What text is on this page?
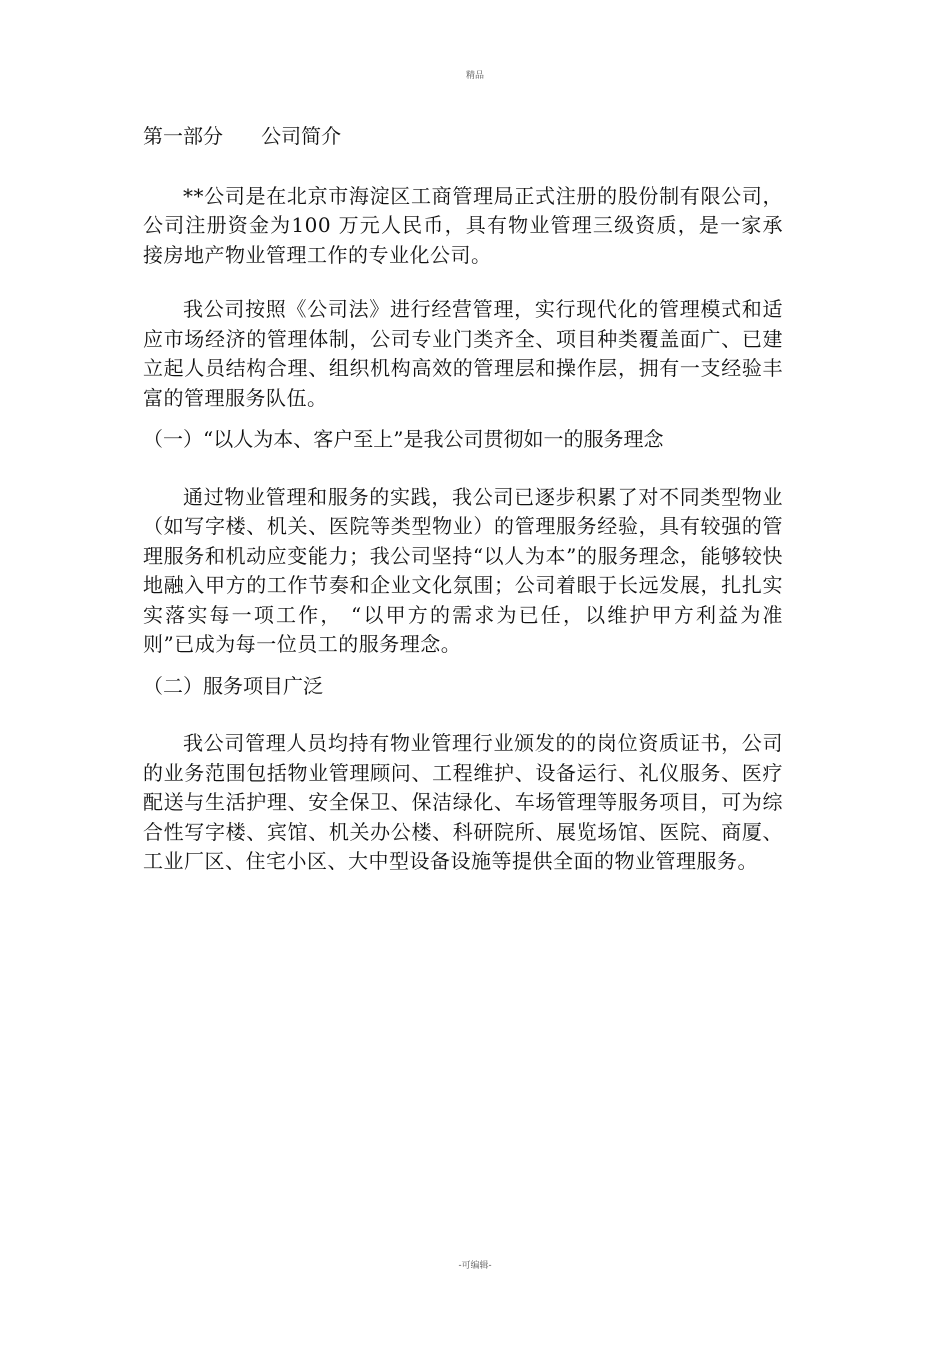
精品
第一部分      公司简介

**公司是在北京市海淀区工商管理局正式注册的股份制有限公司，公司注册资金为100 万元人民币，具有物业管理三级资质，是一家承接房地产物业管理工作的专业化公司。

我公司按照《公司法》进行经营管理，实行现代化的管理模式和适应市场经济的管理体制，公司专业门类齐全、项目种类覆盖面广、已建立起人员结构合理、组织机构高效的管理层和操作层，拥有一支经验丰富的管理服务队伍。

（一）“以人为本、客户至上”是我公司贯彻如一的服务理念

通过物业管理和服务的实践，我公司已逐步积累了对不同类型物业（如写字楼、机关、医院等类型物业）的管理服务经验，具有较强的管理服务和机动应变能力；我公司坚持“以人为本”的服务理念，能够较快地融入甲方的工作节奏和企业文化氛围；公司着眼于长远发展，扎扎实实落实每一项工作， “以甲方的需求为已任，以维护甲方利益为准则”已成为每一位员工的服务理念。

（二）服务项目广泛

我公司管理人员均持有物业管理行业颁发的的岗位资质证书，公司的业务范围包括物业管理顾问、工程维护、设备运行、礼仪服务、医疗配送与生活护理、安全保卫、保洁绿化、车场管理等服务项目，可为综合性写字楼、宾馆、机关办公楼、科研院所、展览场馆、医院、商厦、工业厂区、住宅小区、大中型设备设施等提供全面的物业管理服务。

-可编辑-
